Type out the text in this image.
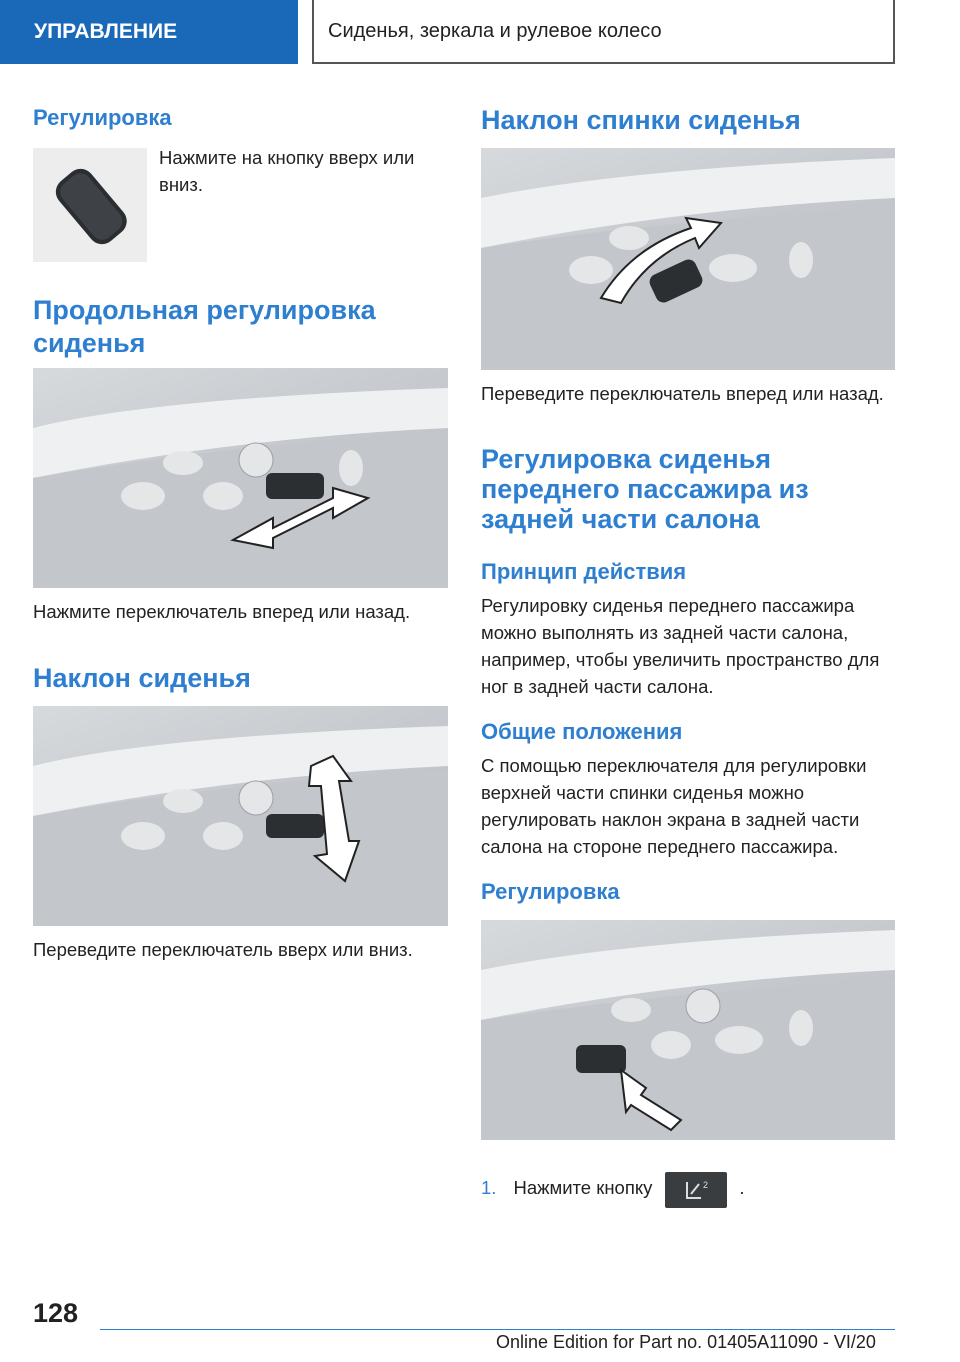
УПРАВЛЕНИЕ	Сиденья, зеркала и рулевое колесо
Регулировка

Нажмите на кнопку вверх или вниз.

Продольная регулировка сиденья

Нажмите переключатель вперед или назад.

Наклон сиденья

Переведите переключатель вверх или вниз.

Наклон спинки сиденья

Переведите переключатель вперед или назад.

Регулировка сиденья переднего пассажира из задней части салона
Принцип действия

Регулировку сиденья переднего пассажира можно выполнять из задней части салона, например, чтобы увеличить пространство для ног в задней части салона.

Общие положения

С помощью переключателя для регулировки верхней части спинки сиденья можно регулировать наклон экрана в задней части салона на стороне переднего пассажира.

Регулировка
1. Нажмите кнопку	2 .
128
Online Edition for Part no. 01405A11090 - VI/20
